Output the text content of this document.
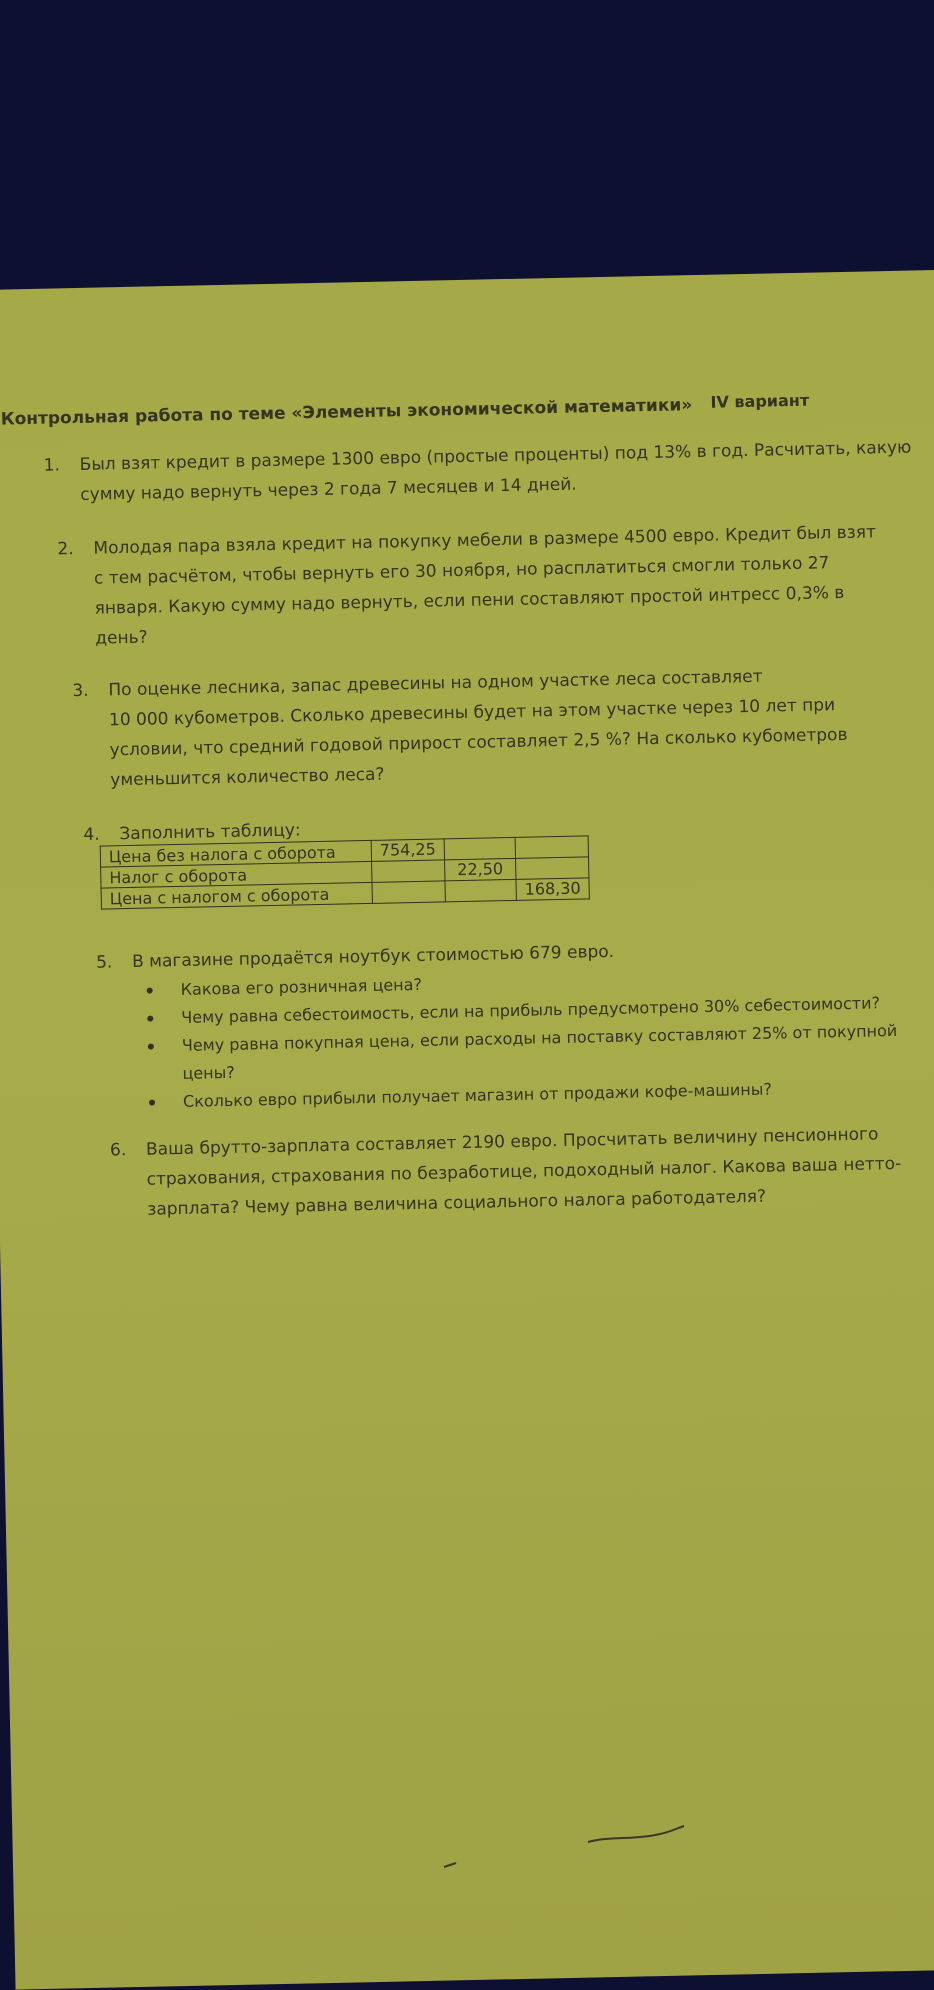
Контрольная работа по теме «Элементы экономической математики» IV вариант
1. Был взят кредит в размере 1300 евро (простые проценты) под 13% в год. Расчитать, какую
сумму надо вернуть через 2 года 7 месяцев и 14 дней.
2. Молодая пара взяла кредит на покупку мебели в размере 4500 евро. Кредит был взят
с тем расчётом, чтобы вернуть его 30 ноября, но расплатиться смогли только 27
января. Какую сумму надо вернуть, если пени составляют простой интресс 0,3% в
день?
3. По оценке лесника, запас древесины на одном участке леса составляет
10 000 кубометров. Сколько древесины будет на этом участке через 10 лет при
условии, что средний годовой прирост составляет 2,5 %? На сколько кубометров
уменьшится количество леса?
4. Заполнить таблицу:
Цена без налога с оборота	754,25		
Налог с оборота		22,50	
Цена с налогом с оборота			168,30
5. В магазине продаётся ноутбук стоимостью 679 евро.
Какова его розничная цена?
Чему равна себестоимость, если на прибыль предусмотрено 30% себестоимости?
Чему равна покупная цена, если расходы на поставку составляют 25% от покупной
цены?
Сколько евро прибыли получает магазин от продажи кофе-машины?
6. Ваша брутто-зарплата составляет 2190 евро. Просчитать величину пенсионного
страхования, страхования по безработице, подоходный налог. Какова ваша нетто-
зарплата? Чему равна величина социального налога работодателя?
